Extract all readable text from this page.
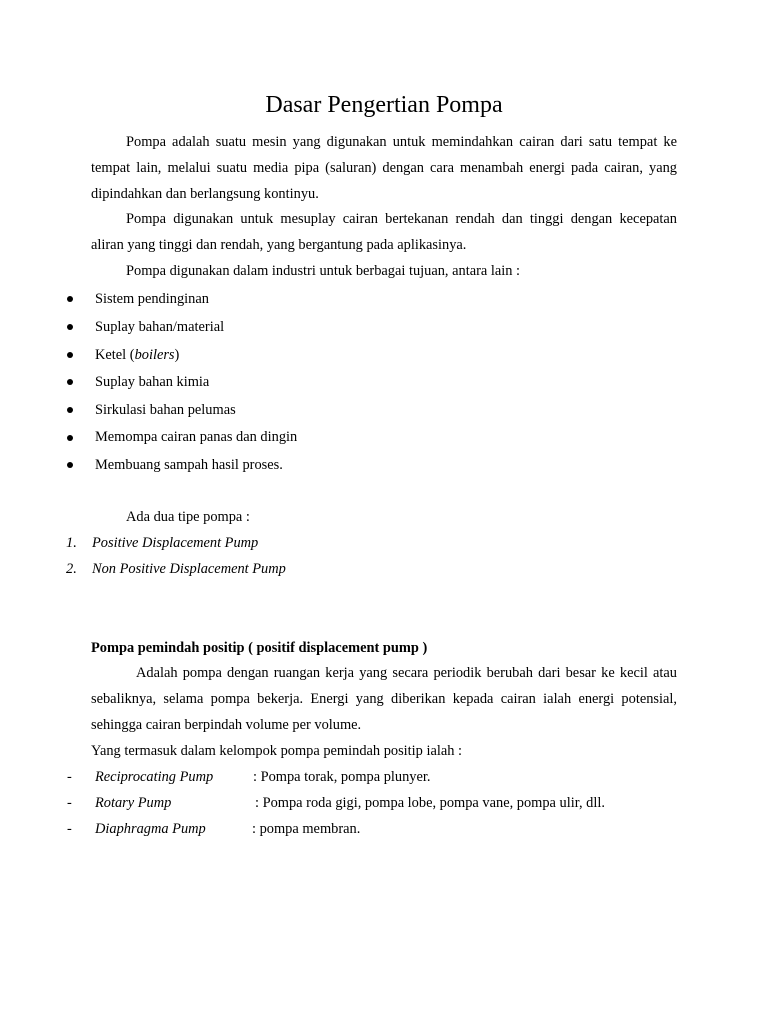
Dasar Pengertian Pompa
Pompa adalah suatu mesin yang digunakan untuk memindahkan cairan dari satu tempat ke tempat lain, melalui suatu media pipa (saluran) dengan cara menambah energi pada cairan, yang dipindahkan dan berlangsung kontinyu.
Pompa digunakan untuk mesuplay cairan bertekanan rendah dan tinggi dengan kecepatan aliran yang tinggi dan rendah, yang bergantung pada aplikasinya.
Pompa digunakan dalam industri untuk berbagai tujuan, antara lain :
Sistem pendinginan
Suplay bahan/material
Ketel (boilers)
Suplay bahan kimia
Sirkulasi bahan pelumas
Memompa cairan panas dan dingin
Membuang sampah hasil proses.
Ada dua tipe pompa :
1. Positive Displacement Pump
2. Non Positive Displacement Pump
Pompa pemindah positip ( positif displacement pump )
Adalah pompa dengan ruangan kerja yang secara periodik berubah dari besar ke kecil atau sebaliknya, selama pompa bekerja. Energi yang diberikan kepada cairan ialah energi potensial, sehingga cairan berpindah volume per volume.
Yang termasuk dalam kelompok pompa pemindah positip ialah :
- Reciprocating Pump	: Pompa torak, pompa plunyer.
- Rotary Pump	: Pompa roda gigi, pompa lobe, pompa vane, pompa ulir, dll.
- Diaphragma Pump	: pompa membran.
